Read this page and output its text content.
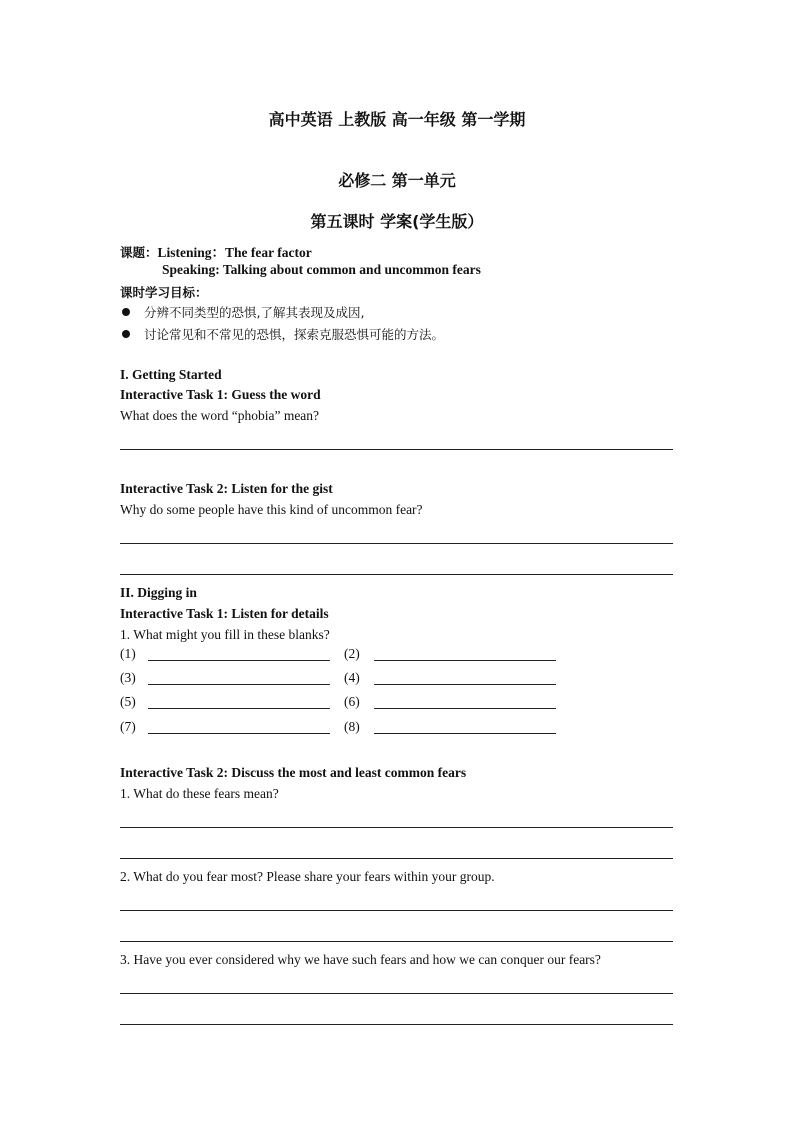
高中英语 上教版 高一年级 第一学期
必修二 第一单元
第五课时 学案(学生版）
课题：Listening：The fear factor
Speaking: Talking about common and uncommon fears
课时学习目标：
分辨不同类型的恐惧,了解其表现及成因,
讨论常见和不常见的恐惧，探索克服恐惧可能的方法。
I. Getting Started
Interactive Task 1: Guess the word
What does the word “phobia” mean?
Interactive Task 2: Listen for the gist
Why do some people have this kind of uncommon fear?
II. Digging in
Interactive Task 1: Listen for details
1. What might you fill in these blanks?
(1)	(2)
(3)	(4)
(5)	(6)
(7)	(8)
Interactive Task 2: Discuss the most and least common fears
1. What do these fears mean?
2. What do you fear most? Please share your fears within your group.
3. Have you ever considered why we have such fears and how we can conquer our fears?
